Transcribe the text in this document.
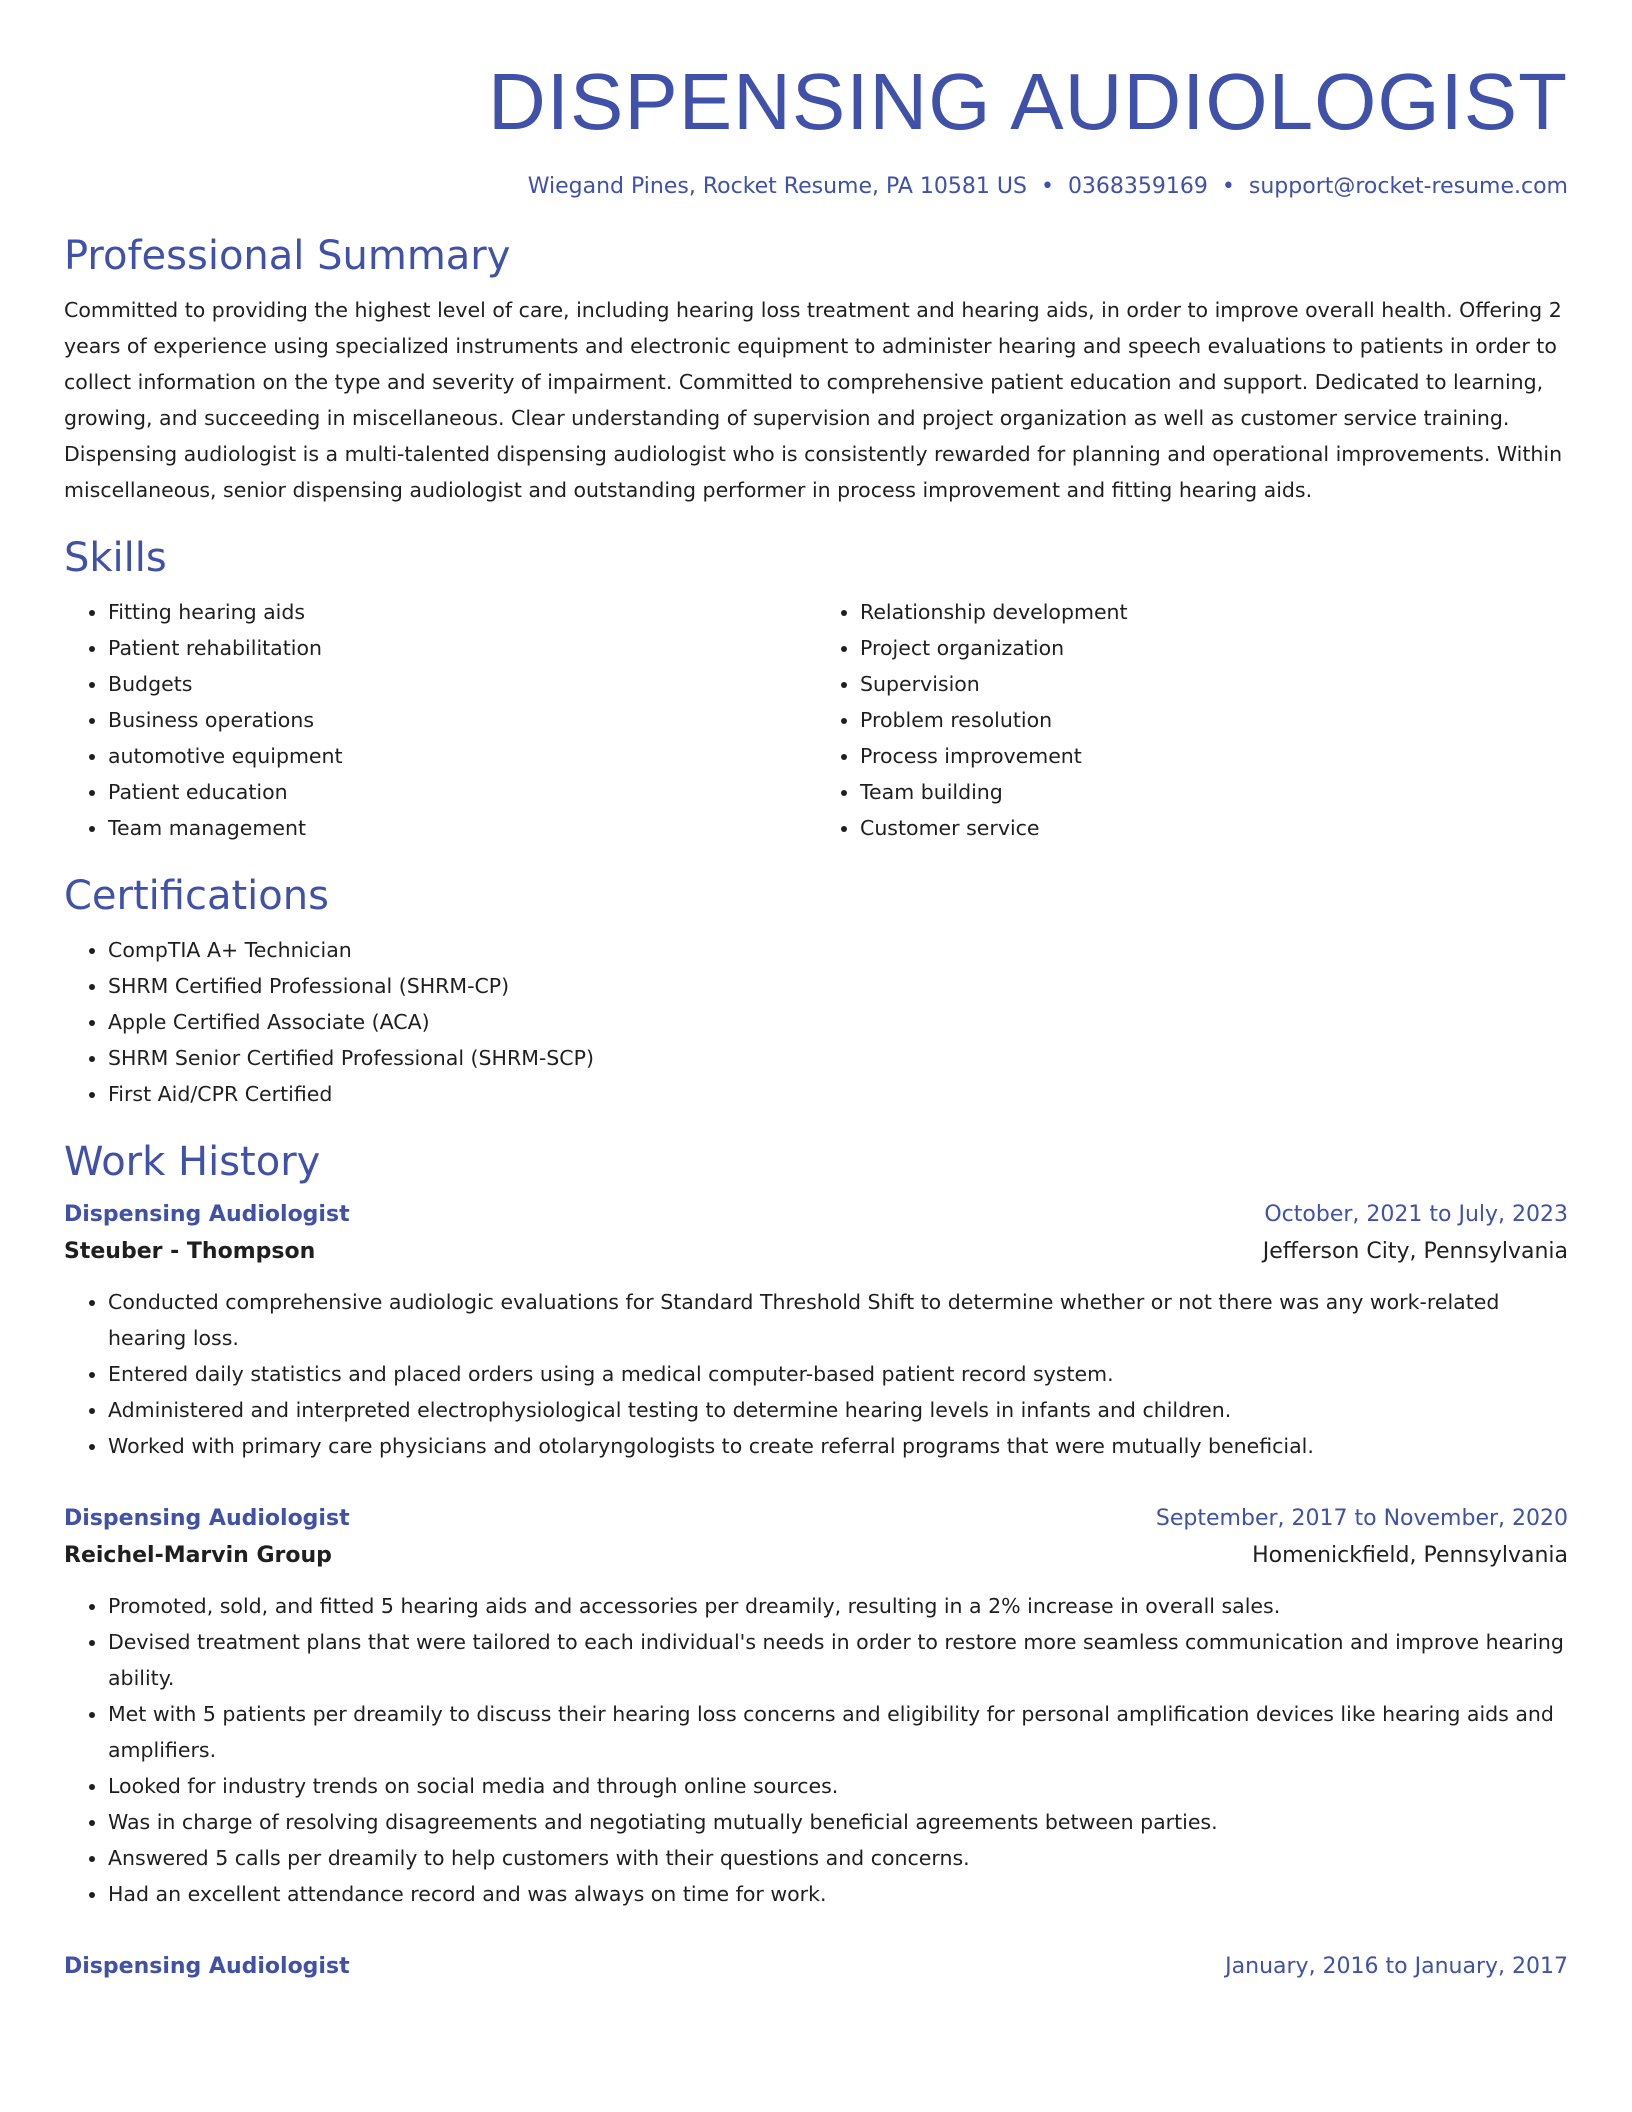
DISPENSING AUDIOLOGIST
Wiegand Pines, Rocket Resume, PA 10581 US • 0368359169 • support@rocket-resume.com
Professional Summary

Committed to providing the highest level of care, including hearing loss treatment and hearing aids, in order to improve overall health. Offering 2 years of experience using specialized instruments and electronic equipment to administer hearing and speech evaluations to patients in order to collect information on the type and severity of impairment. Committed to comprehensive patient education and support. Dedicated to learning, growing, and succeeding in miscellaneous. Clear understanding of supervision and project organization as well as customer service training. Dispensing audiologist is a multi-talented dispensing audiologist who is consistently rewarded for planning and operational improvements. Within miscellaneous, senior dispensing audiologist and outstanding performer in process improvement and fitting hearing aids.

Skills
• Fitting hearing aids
• Patient rehabilitation
• Budgets
• Business operations
• automotive equipment
• Patient education
• Team management
• Relationship development
• Project organization
• Supervision
• Problem resolution
• Process improvement
• Team building
• Customer service
Certifications
• CompTIA A+ Technician
• SHRM Certified Professional (SHRM-CP)
• Apple Certified Associate (ACA)
• SHRM Senior Certified Professional (SHRM-SCP)
• First Aid/CPR Certified
Work History
Dispensing Audiologist	October, 2021 to July, 2023
Steuber - Thompson	Jefferson City, Pennsylvania
• Conducted comprehensive audiologic evaluations for Standard Threshold Shift to determine whether or not there was any work-related hearing loss.
• Entered daily statistics and placed orders using a medical computer-based patient record system.
• Administered and interpreted electrophysiological testing to determine hearing levels in infants and children.
• Worked with primary care physicians and otolaryngologists to create referral programs that were mutually beneficial.
Dispensing Audiologist	September, 2017 to November, 2020
Reichel-Marvin Group	Homenickfield, Pennsylvania
• Promoted, sold, and fitted 5 hearing aids and accessories per dreamily, resulting in a 2% increase in overall sales.
• Devised treatment plans that were tailored to each individual's needs in order to restore more seamless communication and improve hearing ability.
• Met with 5 patients per dreamily to discuss their hearing loss concerns and eligibility for personal amplification devices like hearing aids and amplifiers.
• Looked for industry trends on social media and through online sources.
• Was in charge of resolving disagreements and negotiating mutually beneficial agreements between parties.
• Answered 5 calls per dreamily to help customers with their questions and concerns.
• Had an excellent attendance record and was always on time for work.
Dispensing Audiologist	January, 2016 to January, 2017
